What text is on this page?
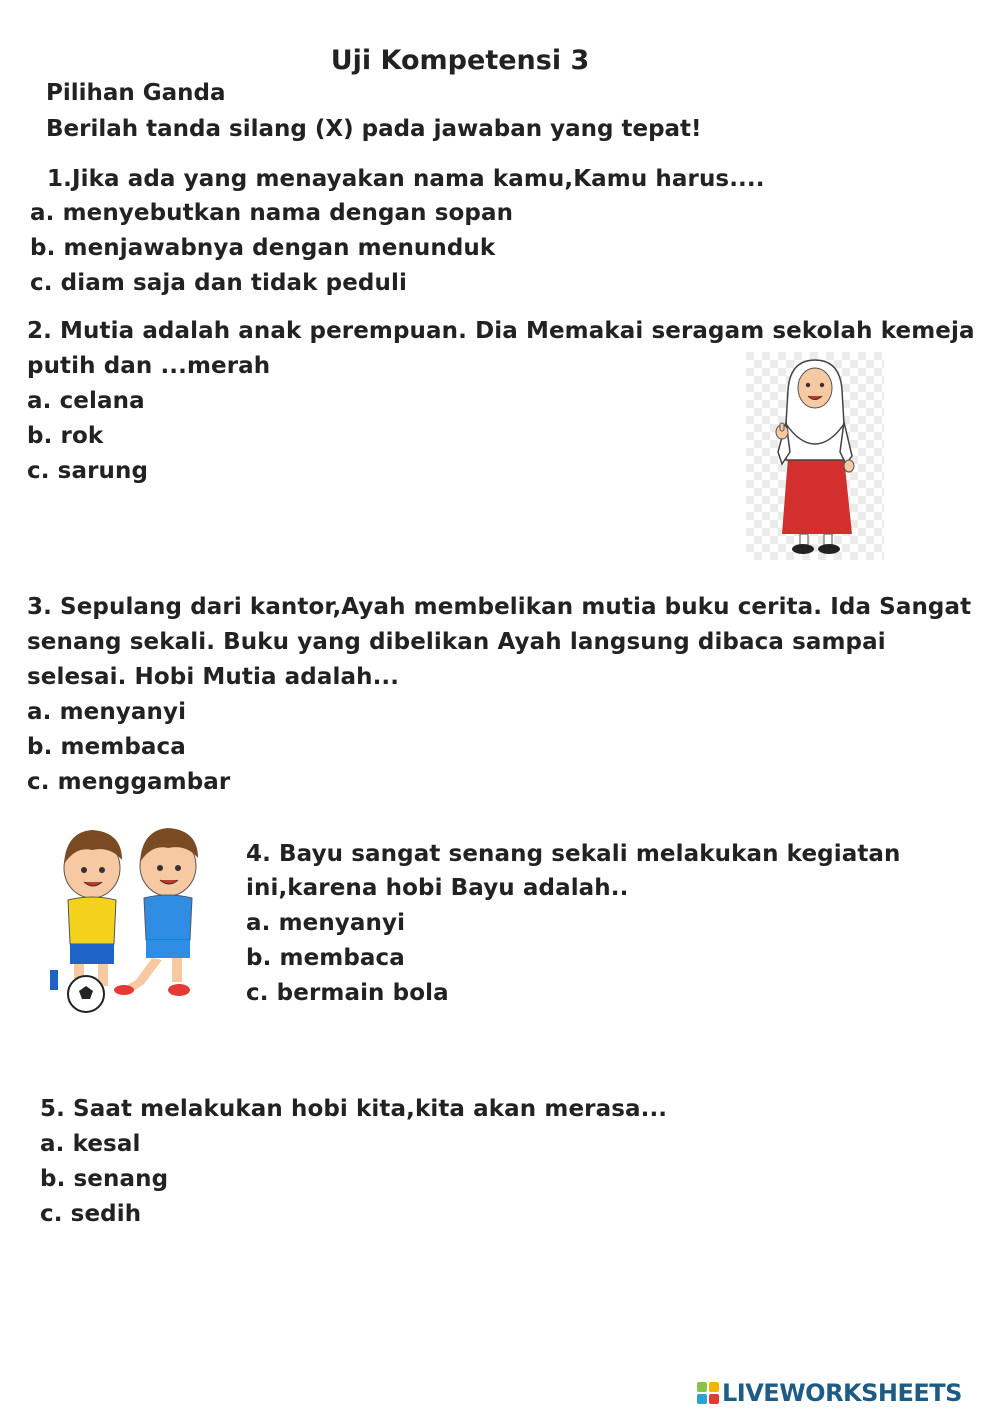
Uji Kompetensi 3
Pilihan Ganda
Berilah tanda silang (X) pada jawaban yang tepat!
1.Jika ada yang menayakan nama kamu,Kamu harus....
a. menyebutkan nama dengan sopan
b. menjawabnya dengan menunduk
c. diam saja dan tidak peduli
2. Mutia adalah anak perempuan. Dia Memakai seragam sekolah kemeja
putih dan ...merah
a. celana
b. rok
c. sarung
3. Sepulang dari kantor,Ayah membelikan mutia buku cerita. Ida Sangat
senang sekali. Buku yang dibelikan Ayah langsung dibaca sampai
selesai. Hobi Mutia adalah...
a. menyanyi
b. membaca
c. menggambar
4. Bayu sangat senang sekali melakukan kegiatan
ini,karena hobi Bayu adalah..
a. menyanyi
b. membaca
c. bermain bola
5. Saat melakukan hobi kita,kita akan merasa...
a. kesal
b. senang
c. sedih
LIVEWORKSHEETS
